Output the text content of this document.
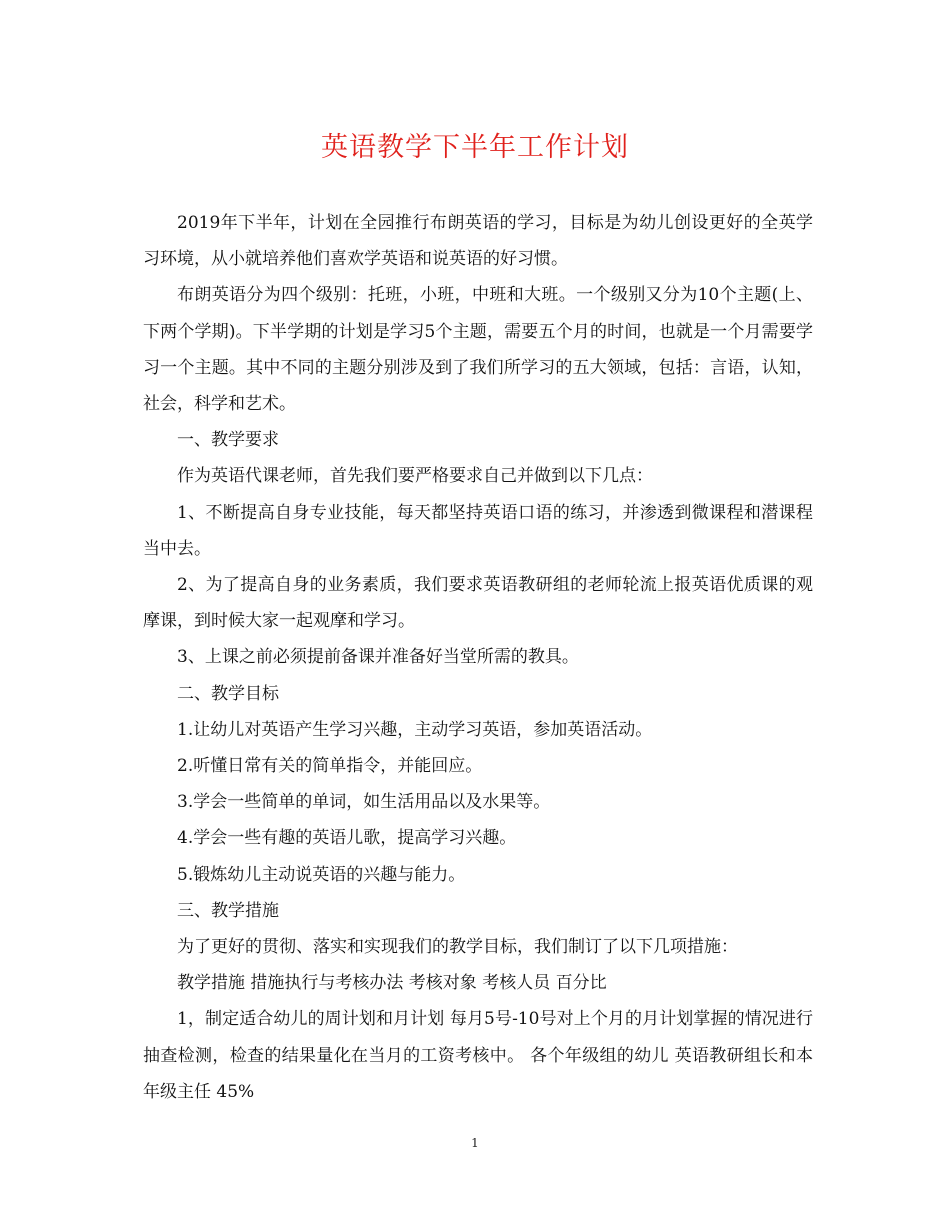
英语教学下半年工作计划

2019年下半年，计划在全园推行布朗英语的学习，目标是为幼儿创设更好的全英学习环境，从小就培养他们喜欢学英语和说英语的好习惯。

布朗英语分为四个级别：托班，小班，中班和大班。一个级别又分为10个主题(上、下两个学期)。下半学期的计划是学习5个主题，需要五个月的时间，也就是一个月需要学习一个主题。其中不同的主题分别涉及到了我们所学习的五大领域，包括：言语，认知，社会，科学和艺术。

一、教学要求

作为英语代课老师，首先我们要严格要求自己并做到以下几点：

1、不断提高自身专业技能，每天都坚持英语口语的练习，并渗透到微课程和潜课程当中去。

2、为了提高自身的业务素质，我们要求英语教研组的老师轮流上报英语优质课的观摩课，到时候大家一起观摩和学习。

3、上课之前必须提前备课并准备好当堂所需的教具。

二、教学目标

1.让幼儿对英语产生学习兴趣，主动学习英语，参加英语活动。

2.听懂日常有关的简单指令，并能回应。

3.学会一些简单的单词，如生活用品以及水果等。

4.学会一些有趣的英语儿歌，提高学习兴趣。

5.锻炼幼儿主动说英语的兴趣与能力。

三、教学措施

为了更好的贯彻、落实和实现我们的教学目标，我们制订了以下几项措施：

教学措施 措施执行与考核办法 考核对象 考核人员 百分比

1，制定适合幼儿的周计划和月计划 每月5号-10号对上个月的月计划掌握的情况进行抽查检测，检查的结果量化在当月的工资考核中。 各个年级组的幼儿 英语教研组长和本年级主任 45%

1
